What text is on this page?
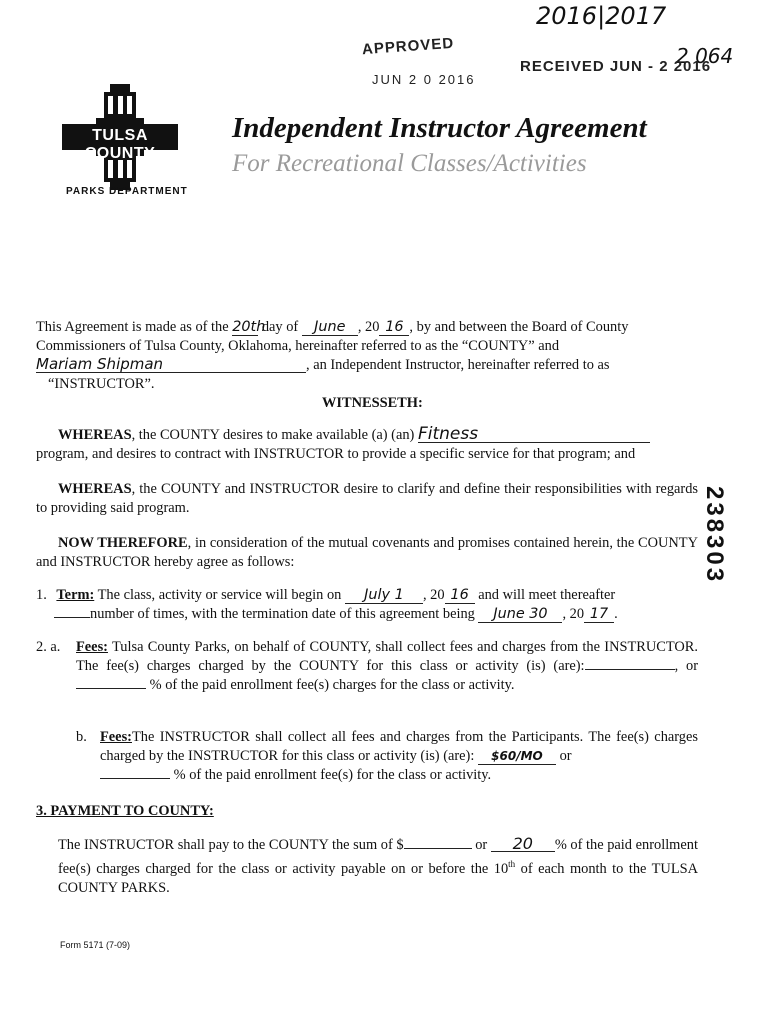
2016|2017
2 064
APPROVED
JUN 2 0 2016
RECEIVED JUN - 2 2016
TULSA COUNTY
PARKS DEPARTMENT
Independent Instructor Agreement
For Recreational Classes/Activities
238303
This Agreement is made as of the 20th day of June , 20 16 , by and between the Board of County Commissioners of Tulsa County, Oklahoma, hereinafter referred to as the “COUNTY” and
Mariam Shipman	, an Independent Instructor, hereinafter referred to as
“INSTRUCTOR”.
WITNESSETH:
WHEREAS, the COUNTY desires to make available (a) (an) Fitness
program, and desires to contract with INSTRUCTOR to provide a specific service for that program; and
WHEREAS, the COUNTY and INSTRUCTOR desire to clarify and define their responsibilities with regards to providing said program.
NOW THEREFORE, in consideration of the mutual covenants and promises contained herein, the COUNTY and INSTRUCTOR hereby agree as follows:
1. Term: The class, activity or service will begin on July 1 , 20 16 and will meet thereafter
number of times, with the termination date of this agreement being June 30 , 20 17 .
2. a.	Fees: Tulsa County Parks, on behalf of COUNTY, shall collect fees and charges from the INSTRUCTOR. The fee(s) charges charged by the COUNTY for this class or activity (is) (are):	, or  % of the paid enrollment fee(s) charges for the class or activity.
b. Fees:The INSTRUCTOR shall collect all fees and charges from the Participants. The fee(s) charges charged by the INSTRUCTOR for this class or activity (is) (are): $60/MO or
% of the paid enrollment fee(s) for the class or activity.
3. PAYMENT TO COUNTY:
The INSTRUCTOR shall pay to the COUNTY the sum of $	or 20 % of the paid enrollment fee(s) charges charged for the class or activity payable on or before the 10th of each month to the TULSA COUNTY PARKS.
Form 5171 (7-09)
